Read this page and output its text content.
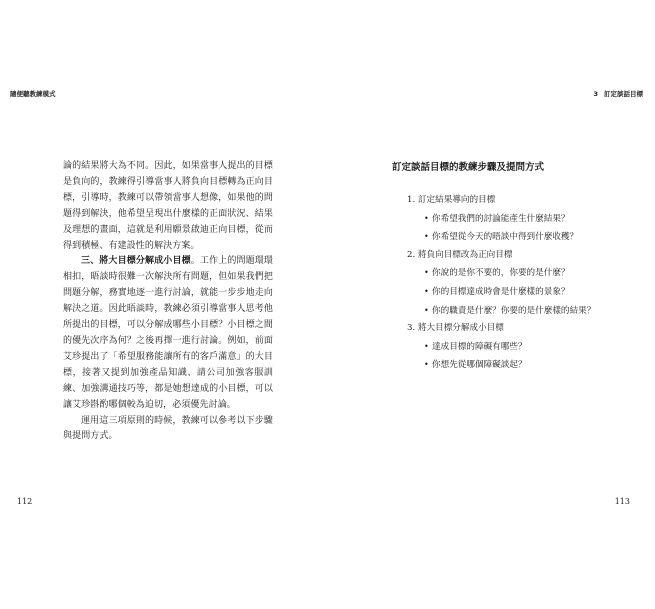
隨便聽教練模式

論的結果將大為不同。因此，如果當事人提出的目標是負向的，教練得引導當事人將負向目標轉為正向目標，引導時，教練可以帶領當事人想像，如果他的問題得到解決，他希望呈現出什麼樣的正面狀況、結果及理想的畫面，這就是利用願景啟迪正向目標，從而得到積極、有建設性的解決方案。

三、將大目標分解成小目標。工作上的問題環環相扣，晤談時很難一次解決所有問題，但如果我們把問題分解，務實地逐一進行討論，就能一步步地走向解決之道。因此晤談時，教練必須引導當事人思考他所提出的目標，可以分解成哪些小目標？小目標之間的優先次序為何？之後再擇一進行討論。例如，前面艾珍提出了「希望服務能讓所有的客戶滿意」的大目標，接著又提到加強產品知識、請公司加強客服訓練、加強溝通技巧等，都是她想達成的小目標，可以讓艾珍斟酌哪個較為迫切，必須優先討論。

運用這三項原則的時候，教練可以參考以下步驟與提問方式。

112
3 訂定談話目標
訂定談話目標的教練步驟及提問方式
1. 訂定結果導向的目標
• 你希望我們的討論能產生什麼結果？
• 你希望從今天的晤談中得到什麼收穫？
2. 將負向目標改為正向目標
• 你說的是你不要的，你要的是什麼？
• 你的目標達成時會是什麼樣的景象？
• 你的職責是什麼？你要的是什麼樣的結果？
3. 將大目標分解成小目標
• 達成目標的障礙有哪些？
• 你想先從哪個障礙談起？
113
